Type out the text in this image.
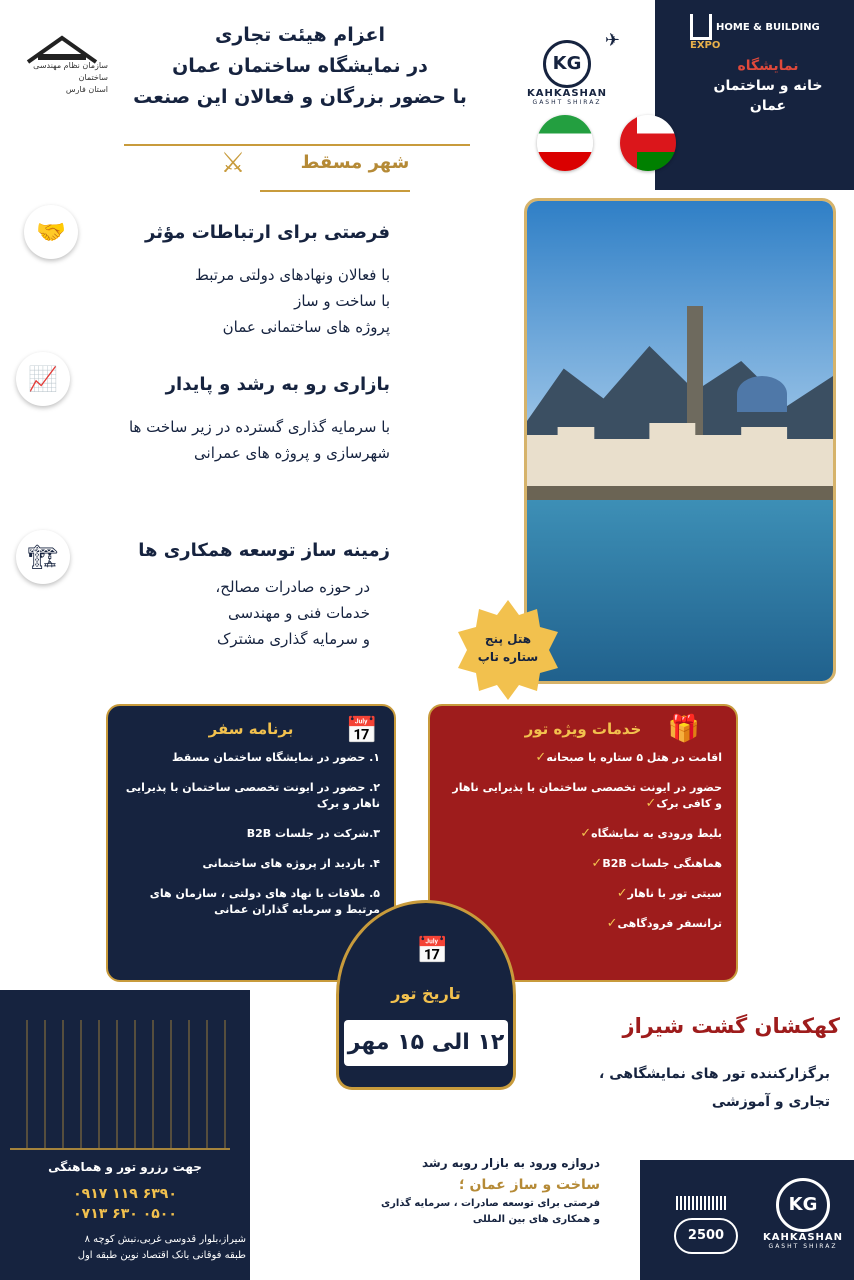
HOME & BUILDING EXPO
نمایشگاه
خانه و ساختمان
عمان
سازمان نظام مهندسی ساختمان
استان فارس
اعزام هیئت تجاری
در نمایشگاه ساختمان عمان
با حضور بزرگان و فعالان این صنعت
⚔	شهر مسقط
✈
KG
KAHKASHAN
GASHT SHIRAZ
🤝	فرصتی برای ارتباطات مؤثر
با فعالان ونهادهای دولتی مرتبط
با ساخت و ساز
پروژه های ساختمانی عمان
📈	بازاری رو به رشد و پایدار
با سرمایه گذاری گسترده در زیر ساخت ها
شهرسازی و پروژه های عمرانی
🏗	زمینه ساز توسعه همکاری ها
در حوزه صادرات مصالح،
خدمات فنی و مهندسی
و سرمایه گذاری مشترک	هتل پنج
ستاره تاپ
📅
برنامه سفر
۱. حضور در نمایشگاه ساختمان مسقط
۲. حضور در ایونت تخصصی ساختمان با پذیرایی ناهار و برک
۳.شرکت در جلسات B2B
۴. بازدید از پروژه های ساختمانی
۵. ملاقات با نهاد های دولتی ، سازمان های مرتبط و سرمایه گذاران عمانی
🎁
خدمات ویژه تور
اقامت در هتل ۵ ستاره با صبحانه✓
حضور در ایونت تخصصی ساختمان با پذیرایی ناهار و کافی برک✓
بلیط ورودی به نمایشگاه✓
هماهنگی جلسات B2B✓
سیتی تور با ناهار✓
ترانسفر فرودگاهی✓
📅
تاریخ تور
۱۲ الی ۱۵ مهر
کهکشان گشت شیراز
برگزارکننده تور های نمایشگاهی ،
تجاری و آموزشی
دروازه ورود به بازار روبه رشد
ساخت و ساز عمان ؛
فرصتی برای توسعه صادرات ، سرمایه گذاری
و همکاری های بین المللی
جهت رزرو تور و هماهنگی
۰۹۱۷ ۱۱۹ ۶۳۹۰
۰۷۱۳ ۶۳۰ ۰۵۰۰
شیراز،بلوار قدوسی غربی،نبش کوچه ۸
طبقه فوقانی بانک اقتصاد نوین طبقه اول
2500
KG
KAHKASHAN
GASHT SHIRAZ
